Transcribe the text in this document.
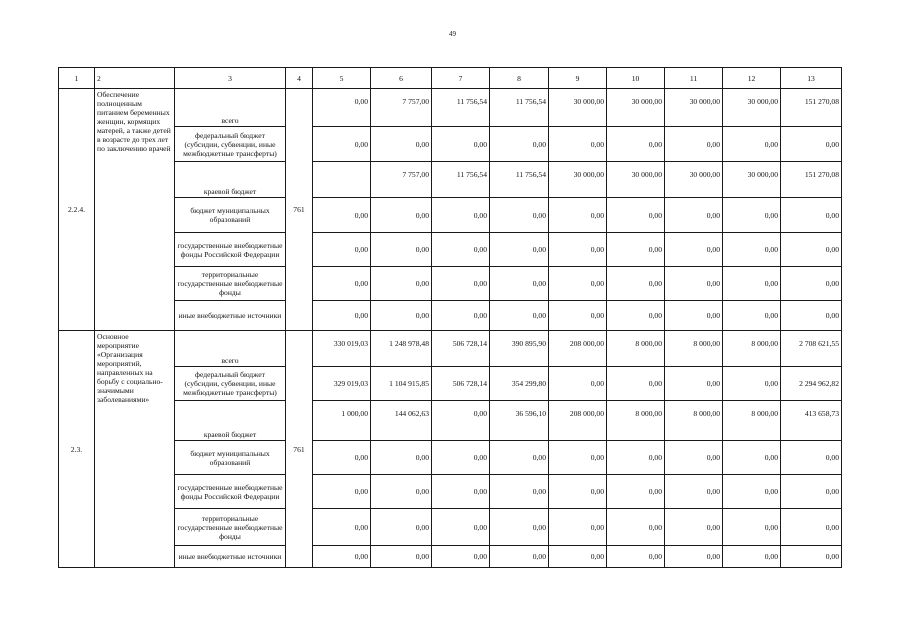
49
1	2	3	4	5	6	7	8	9	10	11	12	13
2.2.4.	Обеспечение полноценным питанием беременных женщин, кормящих матерей, а также детей в возрасте до трех лет по заключению врачей	всего	761	0,00	7 757,00	11 756,54	11 756,54	30 000,00	30 000,00	30 000,00	30 000,00	151 270,08
		федеральный бюджет (субсидии, субвенции, иные межбюджетные трансферты)		0,00	0,00	0,00	0,00	0,00	0,00	0,00	0,00	0,00
		краевой бюджет			7 757,00	11 756,54	11 756,54	30 000,00	30 000,00	30 000,00	30 000,00	151 270,08
		бюджет муниципальных образований		0,00	0,00	0,00	0,00	0,00	0,00	0,00	0,00	0,00
		государственные внебюджетные фонды Российской Федерации		0,00	0,00	0,00	0,00	0,00	0,00	0,00	0,00	0,00
		территориальные государственные внебюджетные фонды		0,00	0,00	0,00	0,00	0,00	0,00	0,00	0,00	0,00
		иные внебюджетные источники		0,00	0,00	0,00	0,00	0,00	0,00	0,00	0,00	0,00
2.3.	Основное мероприятие «Организация мероприятий, направленных на борьбу с социально-значимыми заболеваниями»	всего	761	330 019,03	1 248 978,48	506 728,14	390 895,90	208 000,00	8 000,00	8 000,00	8 000,00	2 708 621,55
		федеральный бюджет (субсидии, субвенции, иные межбюджетные трансферты)		329 019,03	1 104 915,85	506 728,14	354 299,80	0,00	0,00	0,00	0,00	2 294 962,82
		краевой бюджет		1 000,00	144 062,63	0,00	36 596,10	208 000,00	8 000,00	8 000,00	8 000,00	413 658,73
		бюджет муниципальных образований		0,00	0,00	0,00	0,00	0,00	0,00	0,00	0,00	0,00
		государственные внебюджетные фонды Российской Федерации		0,00	0,00	0,00	0,00	0,00	0,00	0,00	0,00	0,00
		территориальные государственные внебюджетные фонды		0,00	0,00	0,00	0,00	0,00	0,00	0,00	0,00	0,00
		иные внебюджетные источники		0,00	0,00	0,00	0,00	0,00	0,00	0,00	0,00	0,00
